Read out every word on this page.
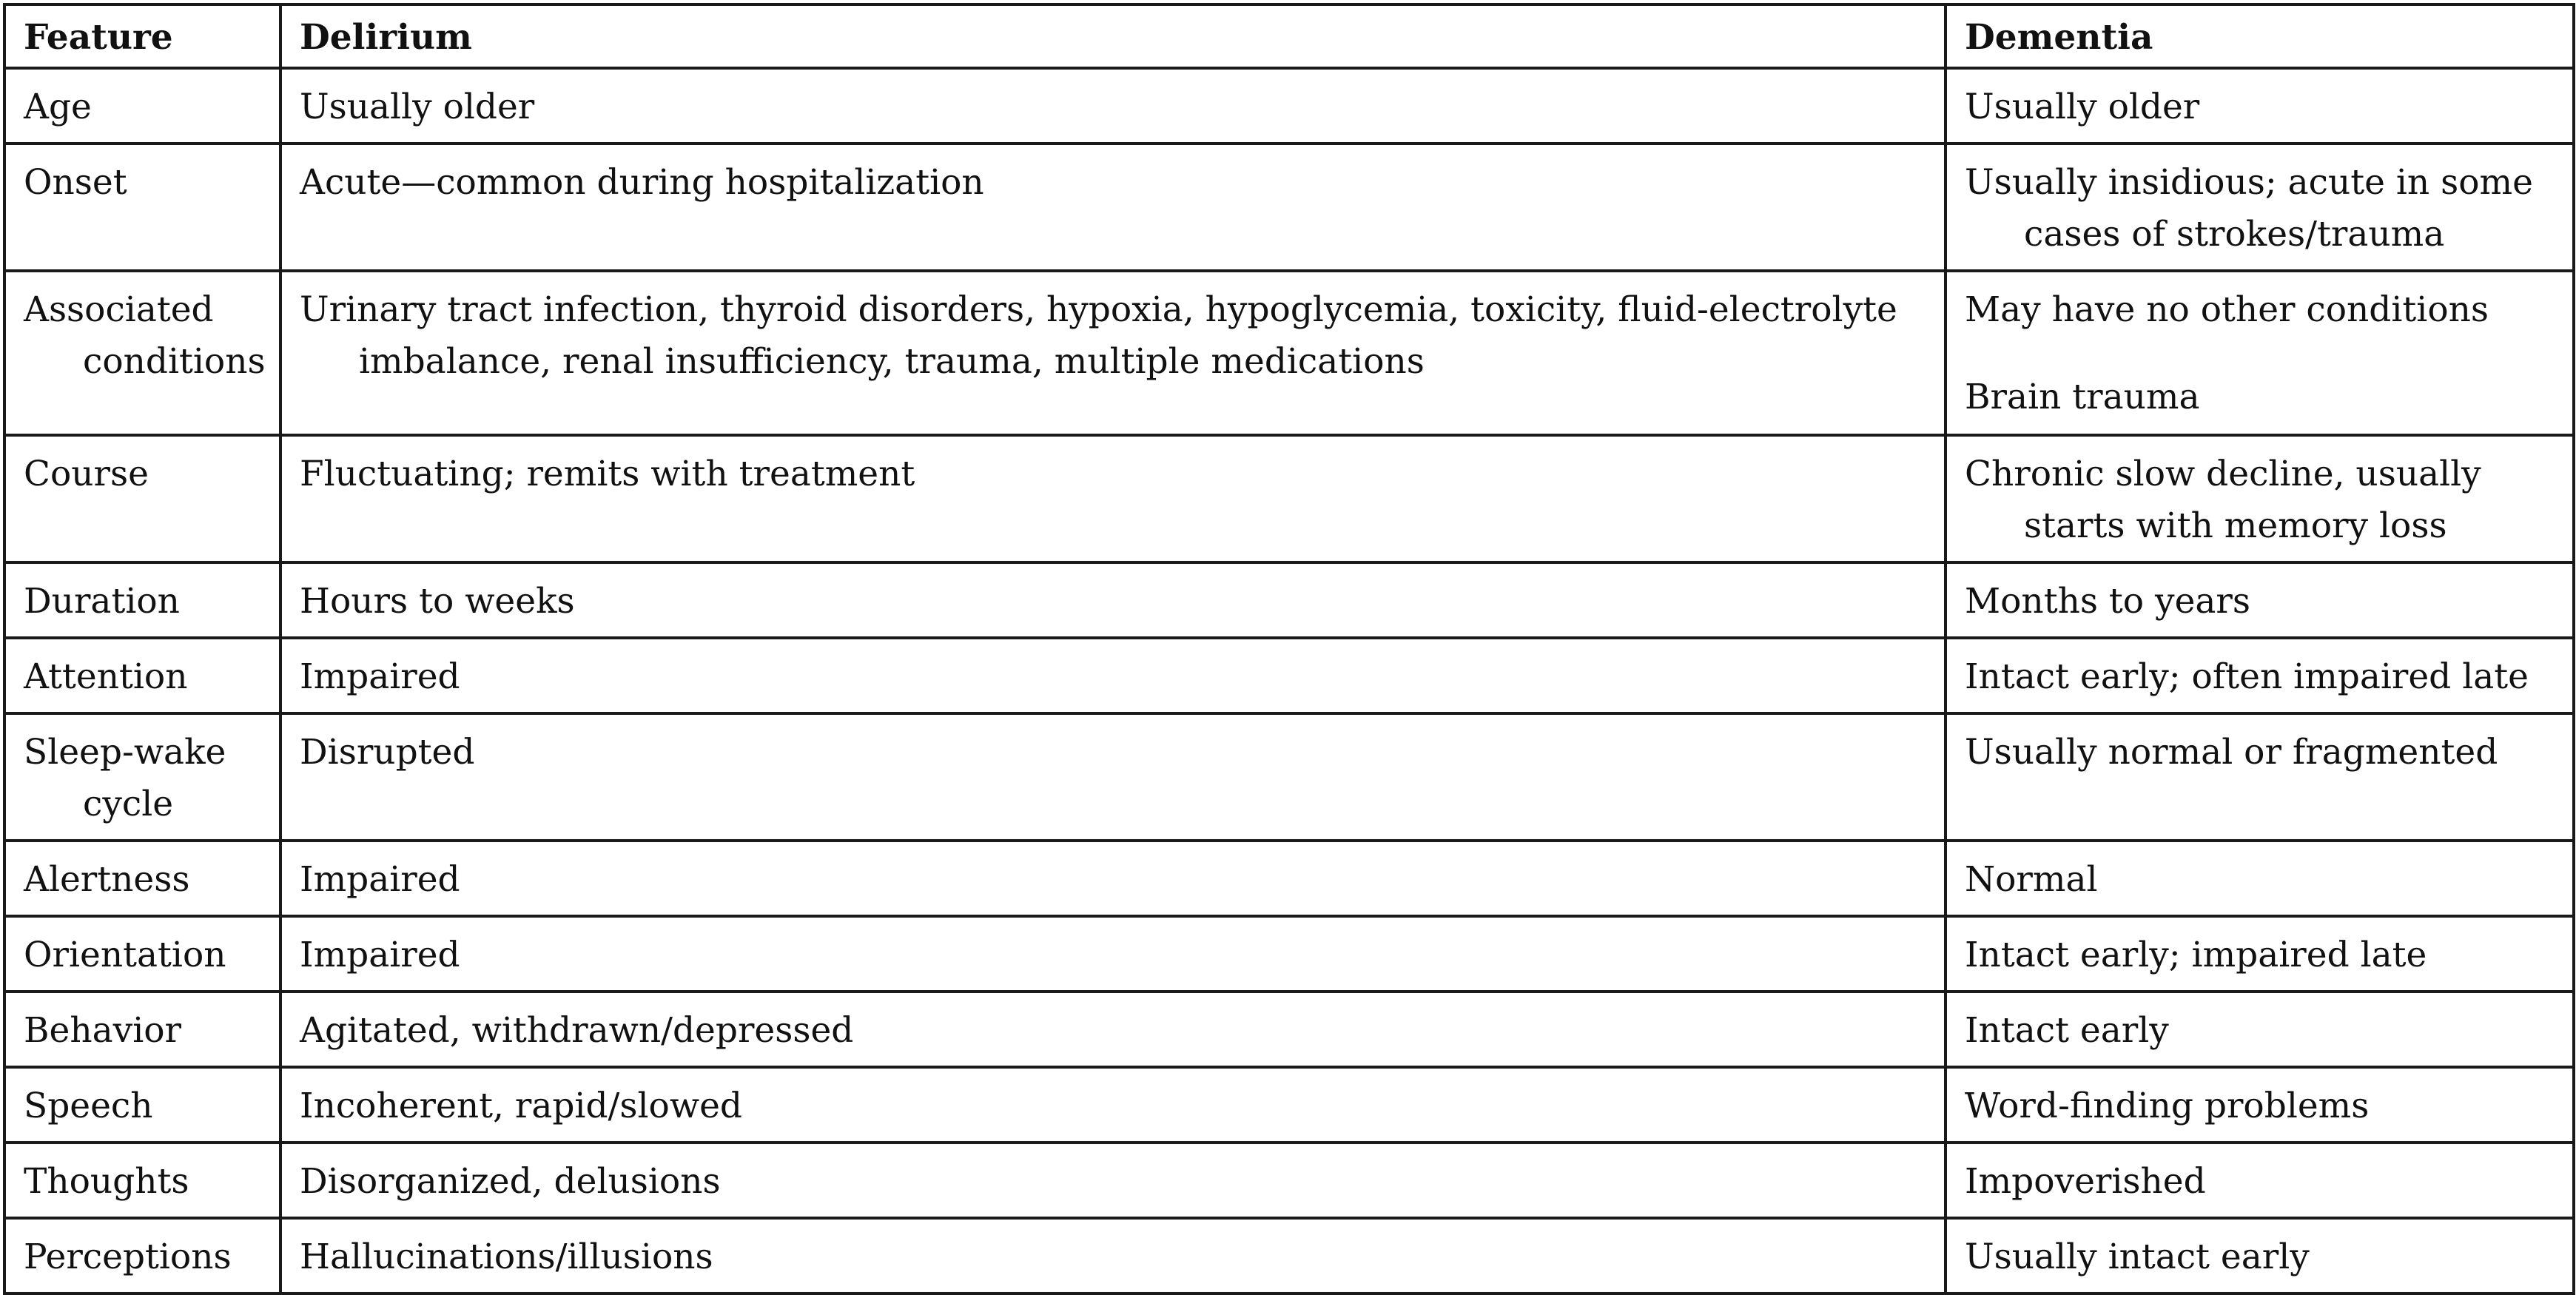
Feature	Delirium	Dementia

Age	Usually older	Usually older

Onset	Acute—common during hospitalization	Usually insidious; acute in some cases of strokes/trauma

Associated conditions	Urinary tract infection, thyroid disorders, hypoxia, hypoglycemia, toxicity, fluid-electrolyte imbalance, renal insufficiency, trauma, multiple medications	May have no other conditions
Brain trauma

Course	Fluctuating; remits with treatment	Chronic slow decline, usually starts with memory loss

Duration	Hours to weeks	Months to years

Attention	Impaired	Intact early; often impaired late

Sleep-wake cycle	Disrupted	Usually normal or fragmented

Alertness	Impaired	Normal

Orientation	Impaired	Intact early; impaired late

Behavior	Agitated, withdrawn/depressed	Intact early

Speech	Incoherent, rapid/slowed	Word-finding problems

Thoughts	Disorganized, delusions	Impoverished

Perceptions	Hallucinations/illusions	Usually intact early
